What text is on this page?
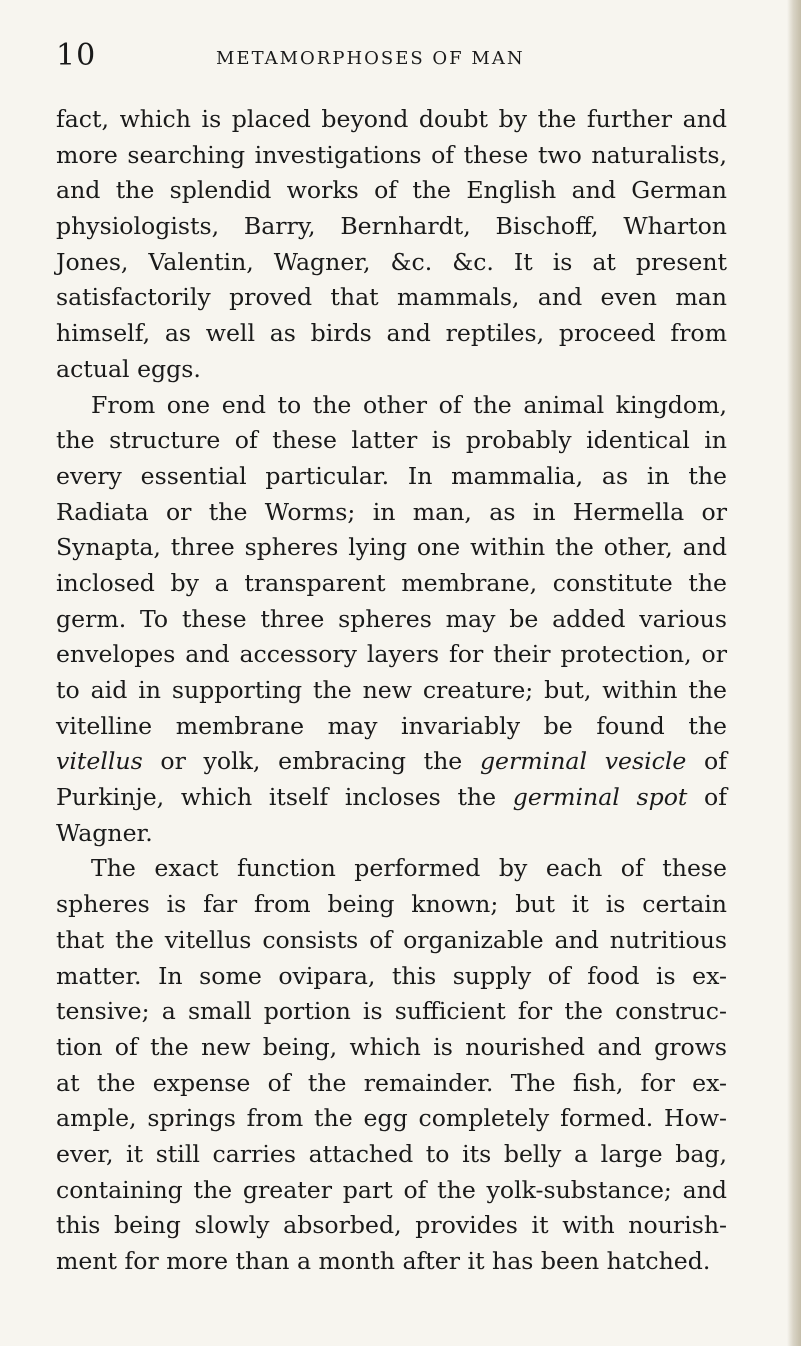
10	METAMORPHOSES OF MAN
fact, which is placed beyond doubt by the further and
more searching investigations of these two naturalists,
and the splendid works of the English and German
physiologists, Barry, Bernhardt, Bischoff, Wharton
Jones, Valentin, Wagner, &c. &c. It is at present
satisfactorily proved that mammals, and even man
himself, as well as birds and reptiles, proceed from
actual eggs.
From one end to the other of the animal kingdom,
the structure of these latter is probably identical in
every essential particular. In mammalia, as in the
Radiata or the Worms; in man, as in Hermella or
Synapta, three spheres lying one within the other, and
inclosed by a transparent membrane, constitute the
germ. To these three spheres may be added various
envelopes and accessory layers for their protection, or
to aid in supporting the new creature; but, within the
vitelline membrane may invariably be found the
vitellus or yolk, embracing the germinal vesicle of
Purkinje, which itself incloses the germinal spot of
Wagner.
The exact function performed by each of these
spheres is far from being known; but it is certain
that the vitellus consists of organizable and nutritious
matter. In some ovipara, this supply of food is ex-
tensive; a small portion is sufficient for the construc-
tion of the new being, which is nourished and grows
at the expense of the remainder. The fish, for ex-
ample, springs from the egg completely formed. How-
ever, it still carries attached to its belly a large bag,
containing the greater part of the yolk-substance; and
this being slowly absorbed, provides it with nourish-
ment for more than a month after it has been hatched.
